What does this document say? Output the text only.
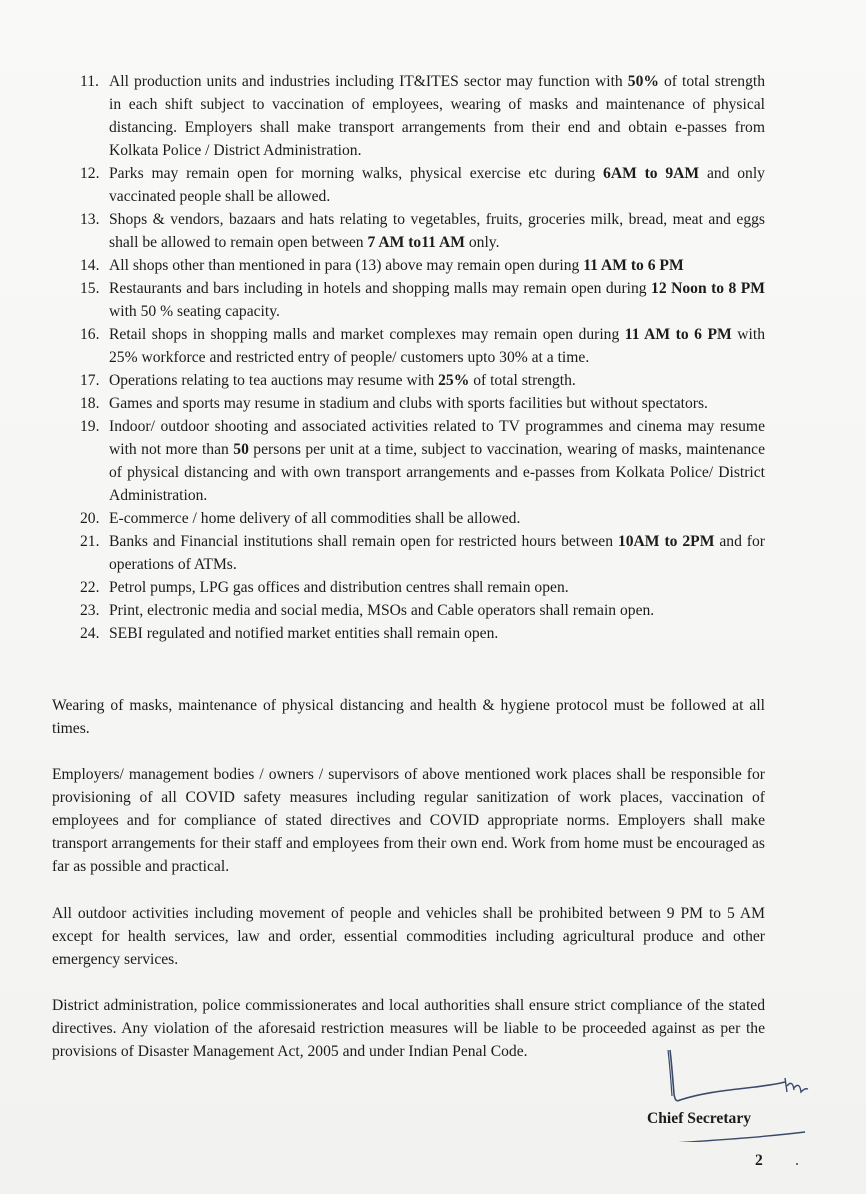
11. All production units and industries including IT&ITES sector may function with 50% of total strength in each shift subject to vaccination of employees, wearing of masks and maintenance of physical distancing. Employers shall make transport arrangements from their end and obtain e-passes from Kolkata Police / District Administration.
12. Parks may remain open for morning walks, physical exercise etc during 6AM to 9AM and only vaccinated people shall be allowed.
13. Shops & vendors, bazaars and hats relating to vegetables, fruits, groceries milk, bread, meat and eggs shall be allowed to remain open between 7 AM to11 AM only.
14. All shops other than mentioned in para (13) above may remain open during 11 AM to 6 PM
15. Restaurants and bars including in hotels and shopping malls may remain open during 12 Noon to 8 PM with 50 % seating capacity.
16. Retail shops in shopping malls and market complexes may remain open during 11 AM to 6 PM with 25% workforce and restricted entry of people/ customers upto 30% at a time.
17. Operations relating to tea auctions may resume with 25% of total strength.
18. Games and sports may resume in stadium and clubs with sports facilities but without spectators.
19. Indoor/ outdoor shooting and associated activities related to TV programmes and cinema may resume with not more than 50 persons per unit at a time, subject to vaccination, wearing of masks, maintenance of physical distancing and with own transport arrangements and e-passes from Kolkata Police/ District Administration.
20. E-commerce / home delivery of all commodities shall be allowed.
21. Banks and Financial institutions shall remain open for restricted hours between 10AM to 2PM and for operations of ATMs.
22. Petrol pumps, LPG gas offices and distribution centres shall remain open.
23. Print, electronic media and social media, MSOs and Cable operators shall remain open.
24. SEBI regulated and notified market entities shall remain open.

Wearing of masks, maintenance of physical distancing and health & hygiene protocol must be followed at all times.

Employers/ management bodies / owners / supervisors of above mentioned work places shall be responsible for provisioning of all COVID safety measures including regular sanitization of work places, vaccination of employees and for compliance of stated directives and COVID appropriate norms. Employers shall make transport arrangements for their staff and employees from their own end. Work from home must be encouraged as far as possible and practical.

All outdoor activities including movement of people and vehicles shall be prohibited between 9 PM to 5 AM except for health services, law and order, essential commodities including agricultural produce and other emergency services.

District administration, police commissionerates and local authorities shall ensure strict compliance of the stated directives. Any violation of the aforesaid restriction measures will be liable to be proceeded against as per the provisions of Disaster Management Act, 2005 and under Indian Penal Code.

Chief Secretary
2
